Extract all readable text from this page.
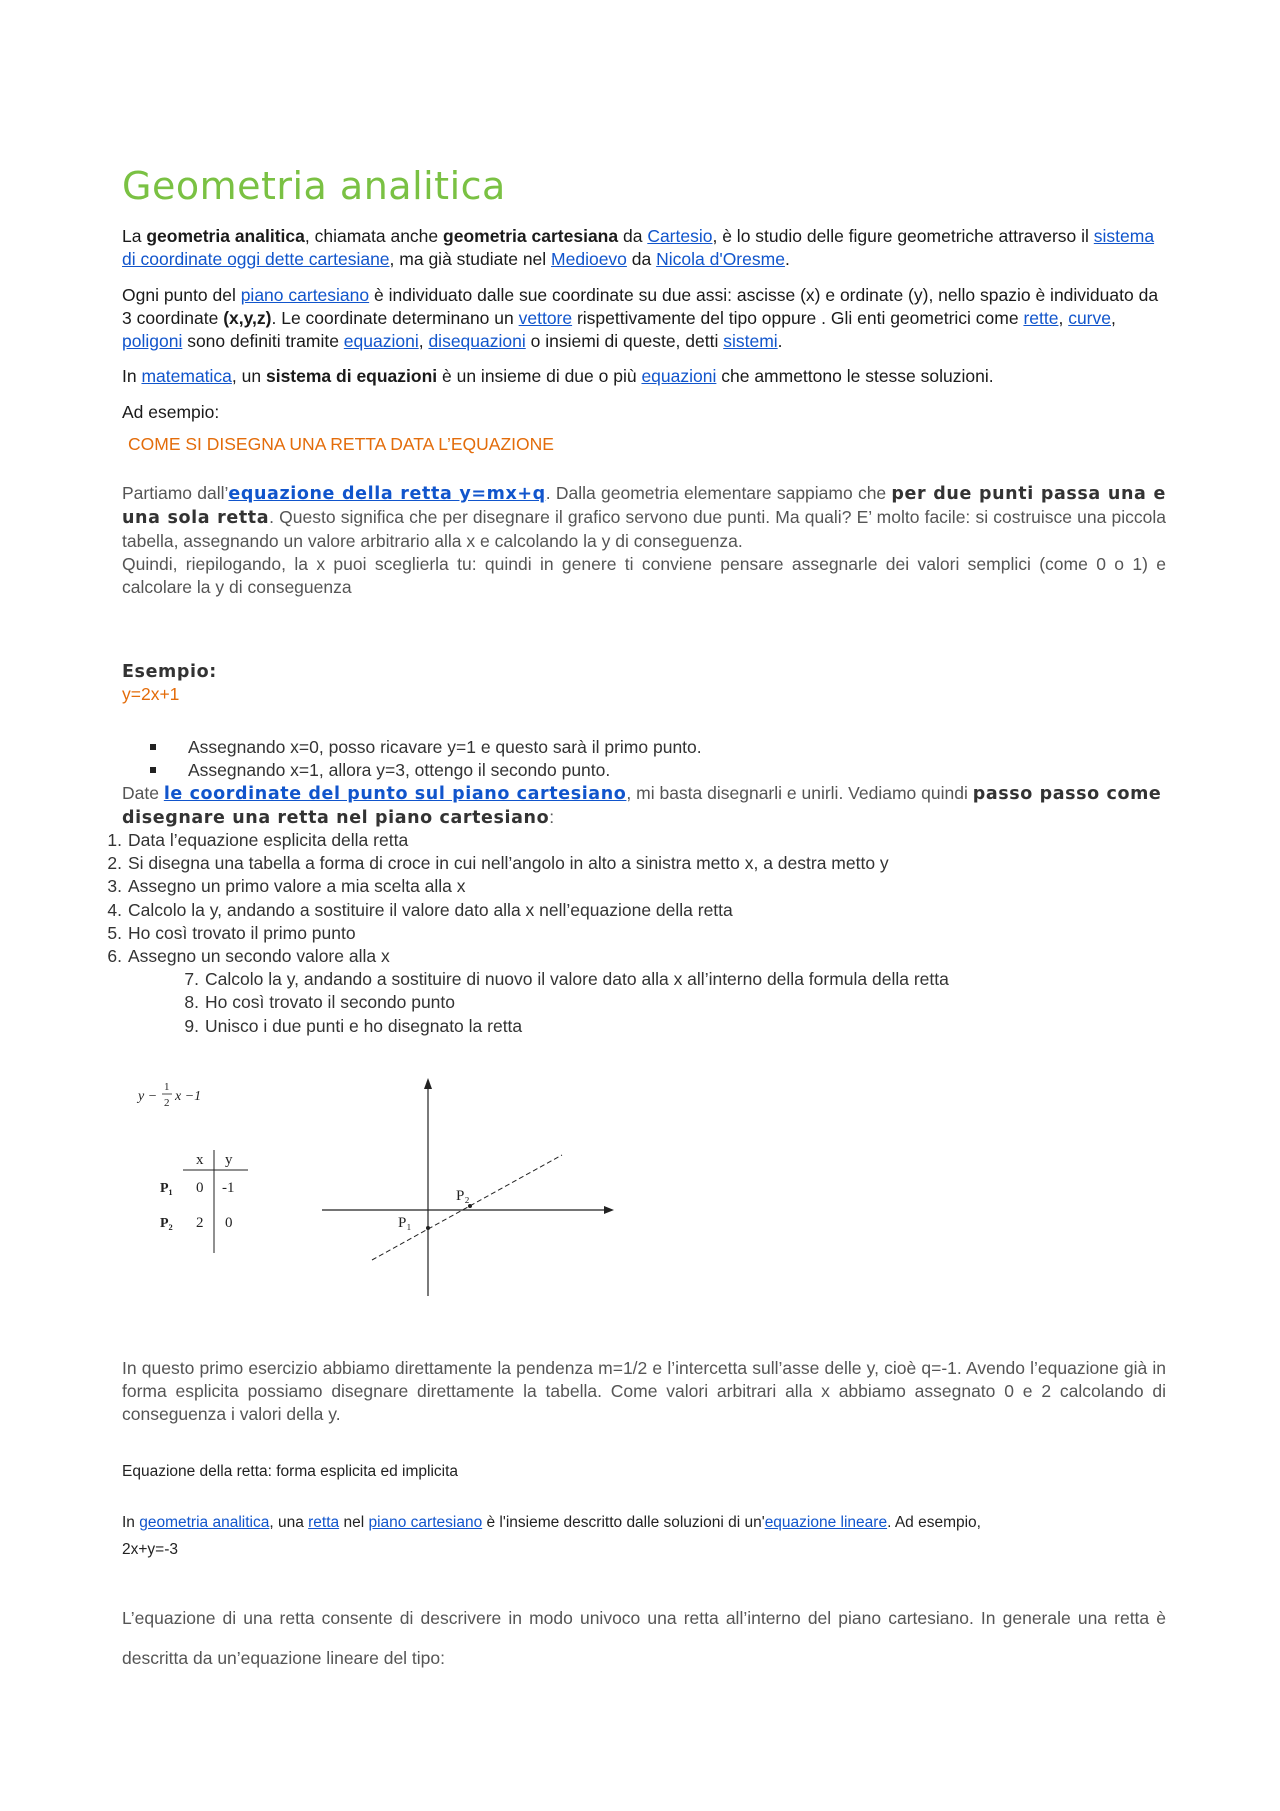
Geometria analitica

La geometria analitica, chiamata anche geometria cartesiana da Cartesio, è lo studio delle figure geometriche attraverso il sistema di coordinate oggi dette cartesiane, ma già studiate nel Medioevo da Nicola d'Oresme.

Ogni punto del piano cartesiano è individuato dalle sue coordinate su due assi: ascisse (x) e ordinate (y), nello spazio è individuato da 3 coordinate (x,y,z). Le coordinate determinano un vettore rispettivamente del tipo oppure . Gli enti geometrici come rette, curve, poligoni sono definiti tramite equazioni, disequazioni o insiemi di queste, detti sistemi.

In matematica, un sistema di equazioni è un insieme di due o più equazioni che ammettono le stesse soluzioni.

Ad esempio:

COME SI DISEGNA UNA RETTA DATA L’EQUAZIONE

Partiamo dall’equazione della retta y=mx+q. Dalla geometria elementare sappiamo che per due punti passa una e una sola retta. Questo significa che per disegnare il grafico servono due punti. Ma quali? E’ molto facile: si costruisce una piccola tabella, assegnando un valore arbitrario alla x e calcolando la y di conseguenza.
Quindi, riepilogando, la x puoi sceglierla tu: quindi in genere ti conviene pensare assegnarle dei valori semplici (come 0 o 1) e calcolare la y di conseguenza

Esempio:

y=2x+1

Assegnando x=0, posso ricavare y=1 e questo sarà il primo punto.
Assegnando x=1, allora y=3, ottengo il secondo punto.

Date le coordinate del punto sul piano cartesiano, mi basta disegnarli e unirli. Vediamo quindi passo passo come disegnare una retta nel piano cartesiano:

1. Data l’equazione esplicita della retta
2. Si disegna una tabella a forma di croce in cui nell’angolo in alto a sinistra metto x, a destra metto y
3. Assegno un primo valore a mia scelta alla x
4. Calcolo la y, andando a sostituire il valore dato alla x nell’equazione della retta
5. Ho così trovato il primo punto
6. Assegno un secondo valore alla x
7. Calcolo la y, andando a sostituire di nuovo il valore dato alla x all’interno della formula della retta
8. Ho così trovato il secondo punto
9. Unisco i due punti e ho disegnato la retta
y −
1
2 x −1
x y
P₁ 0 -1
P₂ 2 0	P₁
P₂

In questo primo esercizio abbiamo direttamente la pendenza m=1/2 e l’intercetta sull’asse delle y, cioè q=-1. Avendo l’equazione già in forma esplicita possiamo disegnare direttamente la tabella. Come valori arbitrari alla x abbiamo assegnato 0 e 2 calcolando di conseguenza i valori della y.

Equazione della retta: forma esplicita ed implicita

In geometria analitica, una retta nel piano cartesiano è l'insieme descritto dalle soluzioni di un'equazione lineare. Ad esempio,
2x+y=-3

L’equazione di una retta consente di descrivere in modo univoco una retta all’interno del piano cartesiano. In generale una retta è descritta da un’equazione lineare del tipo:
